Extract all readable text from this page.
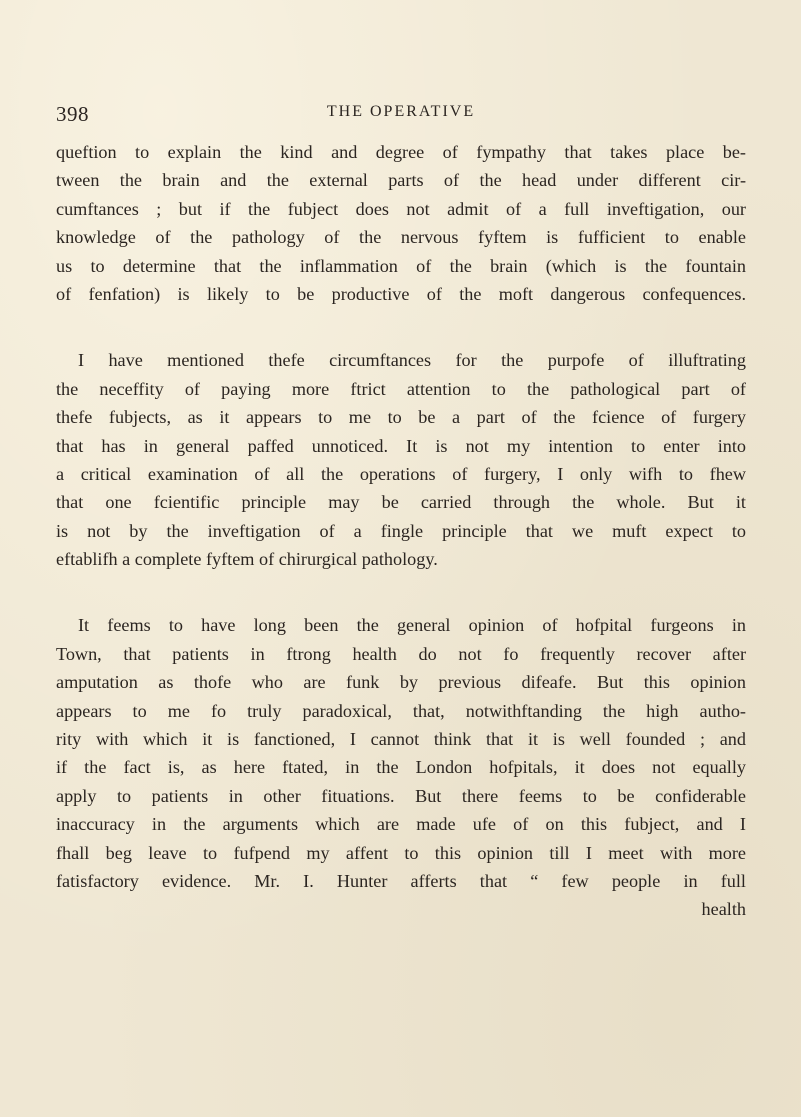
398	THE OPERATIVE
queftion to explain the kind and degree of fympathy that takes place be-
tween the brain and the external parts of the head under different cir-
cumftances ; but if the fubject does not admit of a full inveftigation, our
knowledge of the pathology of the nervous fyftem is fufficient to enable
us to determine that the inflammation of the brain (which is the fountain
of fenfation) is likely to be productive of the moft dangerous confequences.
I have mentioned thefe circumftances for the purpofe of illuftrating
the neceffity of paying more ftrict attention to the pathological part of
thefe fubjects, as it appears to me to be a part of the fcience of furgery
that has in general paffed unnoticed. It is not my intention to enter into
a critical examination of all the operations of furgery, I only wifh to fhew
that one fcientific principle may be carried through the whole. But it
is not by the inveftigation of a fingle principle that we muft expect to
eftablifh a complete fyftem of chirurgical pathology.
It feems to have long been the general opinion of hofpital furgeons in
Town, that patients in ftrong health do not fo frequently recover after
amputation as thofe who are funk by previous difeafe. But this opinion
appears to me fo truly paradoxical, that, notwithftanding the high autho-
rity with which it is fanctioned, I cannot think that it is well founded ; and
if the fact is, as here ftated, in the London hofpitals, it does not equally
apply to patients in other fituations. But there feems to be confiderable
inaccuracy in the arguments which are made ufe of on this fubject, and I
fhall beg leave to fufpend my affent to this opinion till I meet with more
fatisfactory evidence. Mr. I. Hunter afferts that “ few people in full
health
